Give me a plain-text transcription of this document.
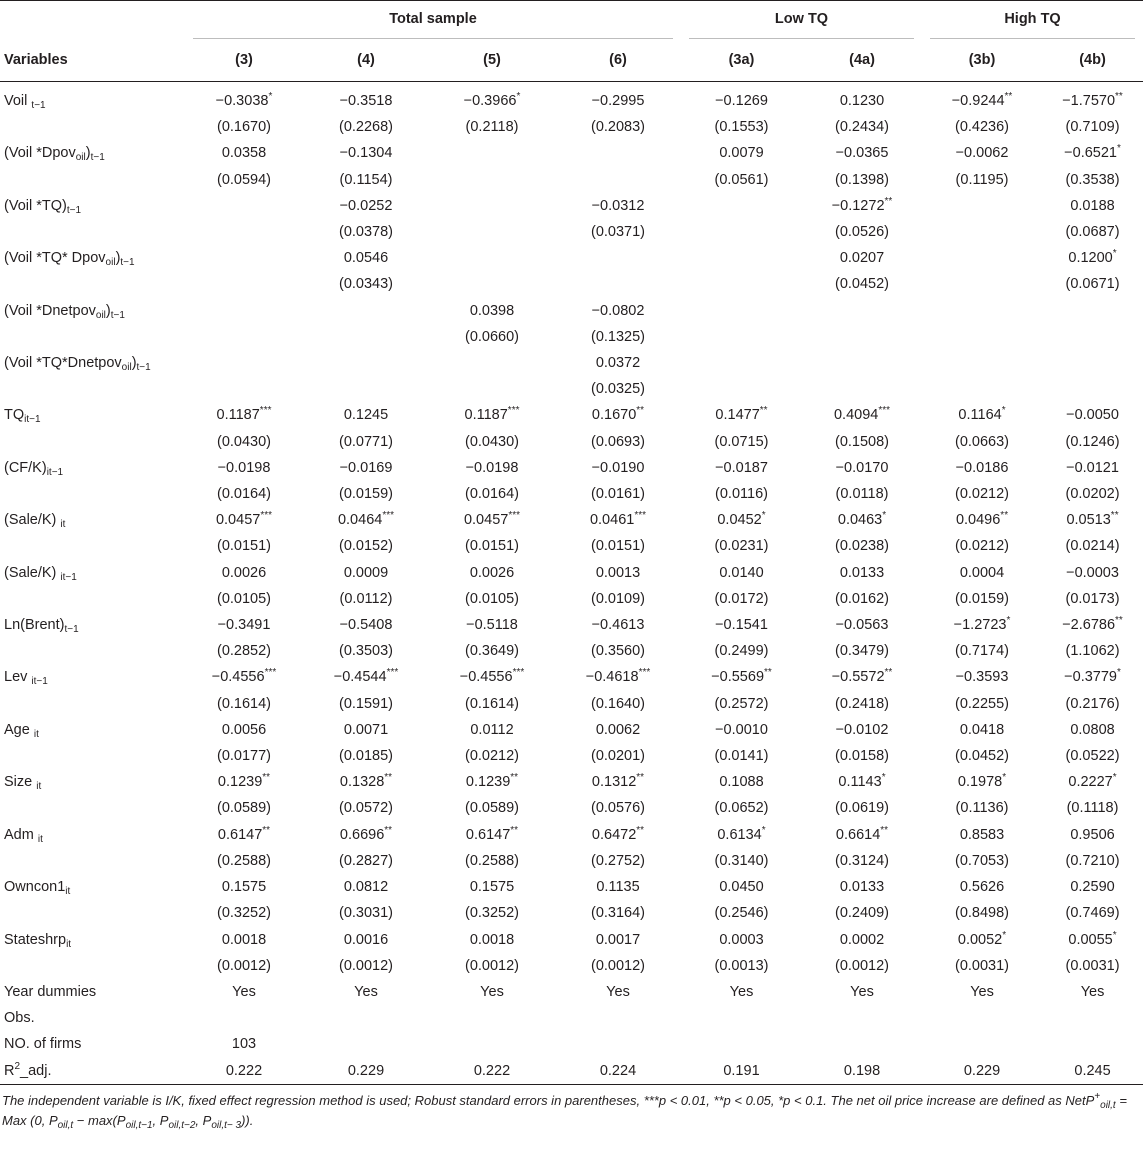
	Total sample				Low TQ		High TQ	

Variables	(3)	(4)	(5)	(6)	(3a)	(4a)	(3b)	(4b)
Voil $_{t-1}$	−0.3038*	−0.3518	−0.3966*	−0.2995	−0.1269	0.1230	−0.9244**	−1.7570**
	(0.1670)	(0.2268)	(0.2118)	(0.2083)	(0.1553)	(0.2434)	(0.4236)	(0.7109)
(Voil $*Dpov_{oil})_{t-1}$	0.0358	−0.1304			0.0079	−0.0365	−0.0062	−0.6521*
	(0.0594)	(0.1154)			(0.0561)	(0.1398)	(0.1195)	(0.3538)
(Voil $*TQ)_{t-1}$		−0.0252		−0.0312		−0.1272**		0.0188
		(0.0378)		(0.0371)		(0.0526)		(0.0687)
(Voil *TQ* $Dpov_{oil})_{t-1}$		0.0546				0.0207		0.1200*
		(0.0343)				(0.0452)		(0.0671)
(Voil $*Dnetpov_{oil})_{t-1}$			0.0398	−0.0802				
			(0.0660)	(0.1325)				
(Voil $*TQ*Dnetpov_{oil})_{t-1}$				0.0372				
				(0.0325)				
$TQ_{it-1}$	0.1187***	0.1245	0.1187***	0.1670**	0.1477**	0.4094***	0.1164*	−0.0050
	(0.0430)	(0.0771)	(0.0430)	(0.0693)	(0.0715)	(0.1508)	(0.0663)	(0.1246)
$(CF/K)_{it-1}$	−0.0198	−0.0169	−0.0198	−0.0190	−0.0187	−0.0170	−0.0186	−0.0121
	(0.0164)	(0.0159)	(0.0164)	(0.0161)	(0.0116)	(0.0118)	(0.0212)	(0.0202)
(Sale/K) $_{it}$	0.0457***	0.0464***	0.0457***	0.0461***	0.0452*	0.0463*	0.0496**	0.0513**
	(0.0151)	(0.0152)	(0.0151)	(0.0151)	(0.0231)	(0.0238)	(0.0212)	(0.0214)
(Sale/K) $_{it-1}$	0.0026	0.0009	0.0026	0.0013	0.0140	0.0133	0.0004	−0.0003
	(0.0105)	(0.0112)	(0.0105)	(0.0109)	(0.0172)	(0.0162)	(0.0159)	(0.0173)
$Ln(Brent)_{t-1}$	−0.3491	−0.5408	−0.5118	−0.4613	−0.1541	−0.0563	−1.2723*	−2.6786**
	(0.2852)	(0.3503)	(0.3649)	(0.3560)	(0.2499)	(0.3479)	(0.7174)	(1.1062)
Lev $_{it-1}$	−0.4556***	−0.4544***	−0.4556***	−0.4618***	−0.5569**	−0.5572**	−0.3593	−0.3779*
	(0.1614)	(0.1591)	(0.1614)	(0.1640)	(0.2572)	(0.2418)	(0.2255)	(0.2176)
Age $_{it}$	0.0056	0.0071	0.0112	0.0062	−0.0010	−0.0102	0.0418	0.0808
	(0.0177)	(0.0185)	(0.0212)	(0.0201)	(0.0141)	(0.0158)	(0.0452)	(0.0522)
Size $_{it}$	0.1239**	0.1328**	0.1239**	0.1312**	0.1088	0.1143*	0.1978*	0.2227*
	(0.0589)	(0.0572)	(0.0589)	(0.0576)	(0.0652)	(0.0619)	(0.1136)	(0.1118)
Adm $_{it}$	0.6147**	0.6696**	0.6147**	0.6472**	0.6134*	0.6614**	0.8583	0.9506
	(0.2588)	(0.2827)	(0.2588)	(0.2752)	(0.3140)	(0.3124)	(0.7053)	(0.7210)
$Owncon1_{it}$	0.1575	0.0812	0.1575	0.1135	0.0450	0.0133	0.5626	0.2590
	(0.3252)	(0.3031)	(0.3252)	(0.3164)	(0.2546)	(0.2409)	(0.8498)	(0.7469)
Stateshrp$_{it}$	0.0018	0.0016	0.0018	0.0017	0.0003	0.0002	0.0052*	0.0055*
	(0.0012)	(0.0012)	(0.0012)	(0.0012)	(0.0013)	(0.0012)	(0.0031)	(0.0031)
Year dummies	Yes	Yes	Yes	Yes	Yes	Yes	Yes	Yes
Obs.								
NO. of firms	103							
$R^2\_adj$.	0.222	0.229	0.222	0.224	0.191	0.198	0.229	0.245
The independent variable is I/K, fixed effect regression method is used; Robust standard errors in parentheses, ***p < 0.01, **p < 0.05, *p < 0.1. The net oil price increase are defined as NetP+$_{oil,t}$ = Max (0, $P_{oil,t} - \max(P_{oil,t-1}$, $P_{oil,t-2}$, $P_{oil,t- 3}$)).
